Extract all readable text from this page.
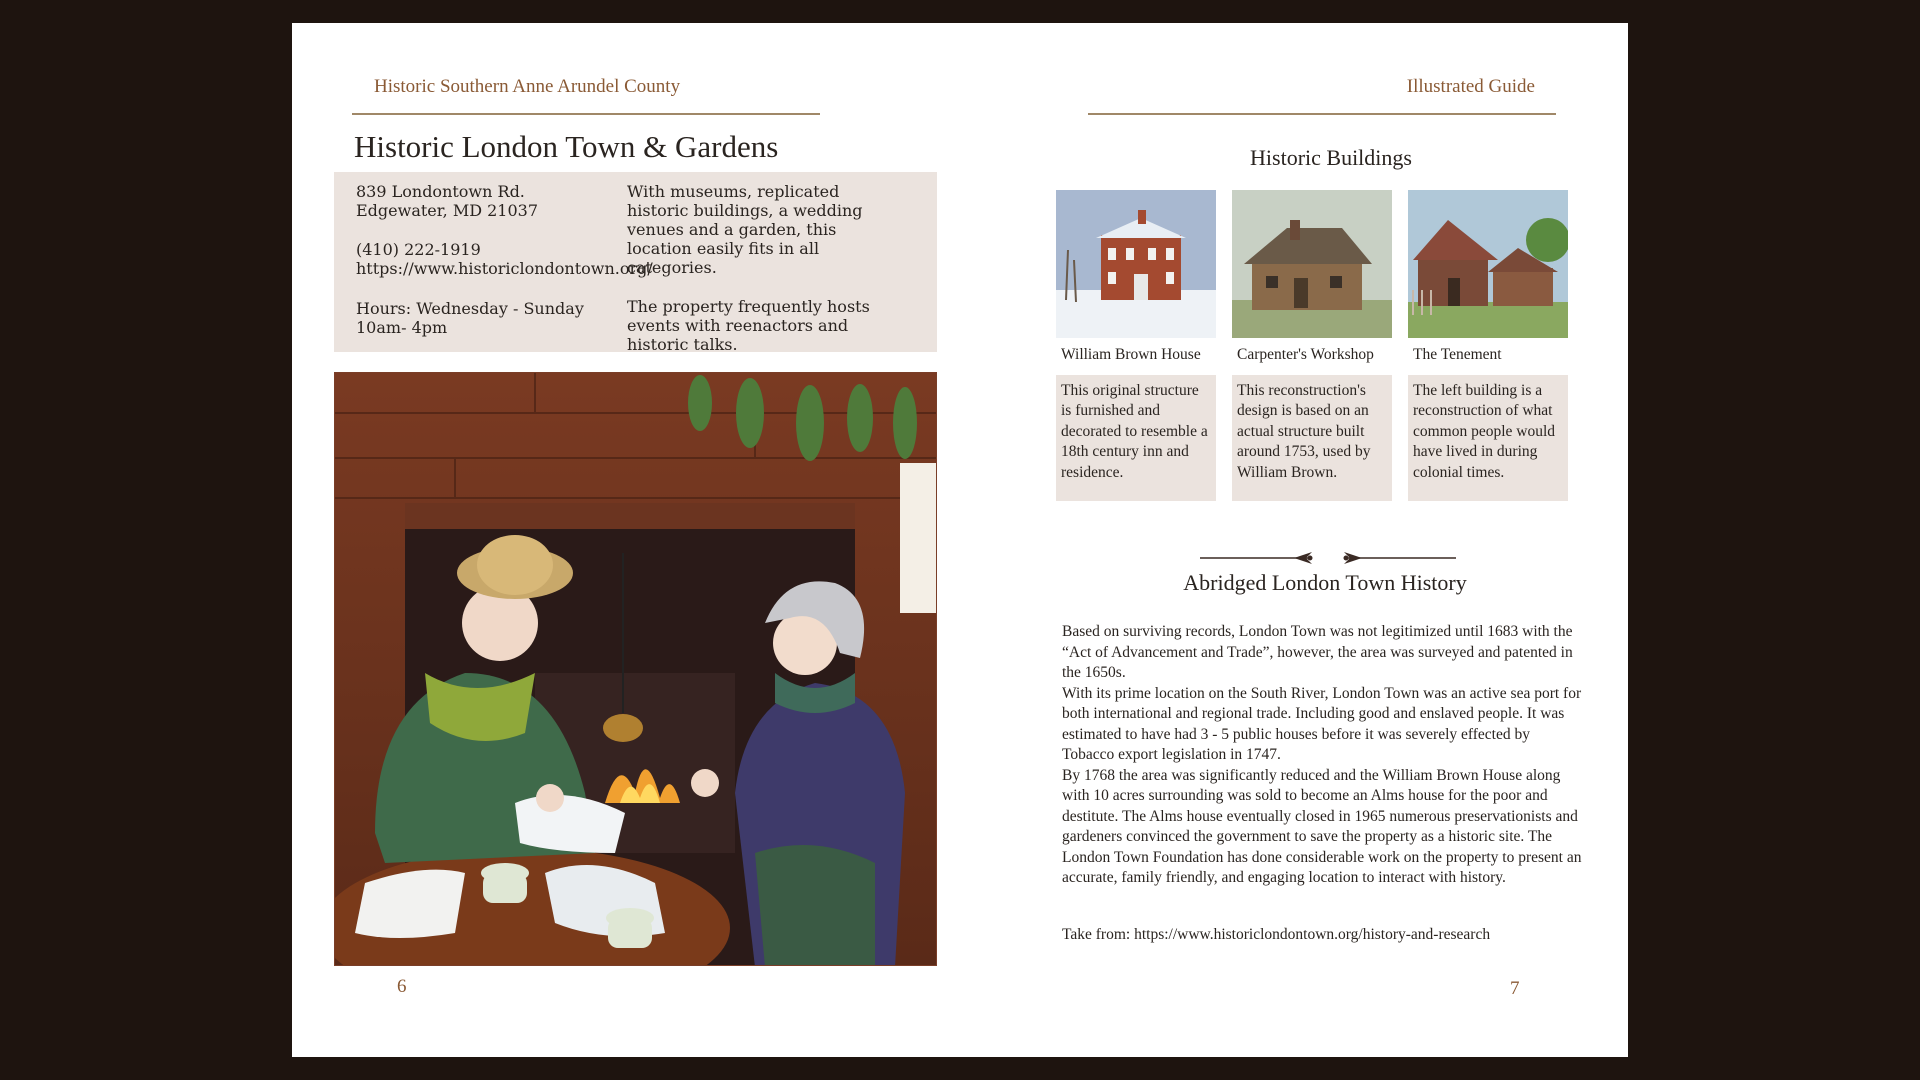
Historic Southern Anne Arundel County	Illustrated Guide
Historic London Town & Gardens

839 Londontown Rd.

Edgewater, MD 21037

(410) 222-1919

https://www.historiclondontown.org/

Hours: Wednesday - Sunday

10am- 4pm

With museums, replicated historic buildings, a wedding venues and a garden, this location easily fits in all categories.

The property frequently hosts events with reenactors and historic talks.

6
Historic Buildings
William Brown House
This original structure is furnished and decorated to resemble a 18th century inn and residence.
Carpenter's Workshop
This reconstruction's design is based on an actual structure built around 1753, used by William Brown.
The Tenement
The left building is a reconstruction of what common people would have lived in during colonial times.
Abridged London Town History

Based on surviving records, London Town was not legitimized until 1683 with the “Act of Advancement and Trade”, however, the area was surveyed and patented in the 1650s.

With its prime location on the South River, London Town was an active sea port for both international and regional trade. Including good and enslaved people. It was estimated to have had 3 - 5 public houses before it was severely effected by Tobacco export legislation in 1747.

By 1768 the area was significantly reduced and the William Brown House along with 10 acres surrounding was sold to become an Alms house for the poor and destitute. The Alms house eventually closed in 1965 numerous preservationists and gardeners convinced the government to save the property as a historic site. The London Town Foundation has done considerable work on the property to present an accurate, family friendly, and engaging location to interact with history.

Take from: https://www.historiclondontown.org/history-and-research
7
